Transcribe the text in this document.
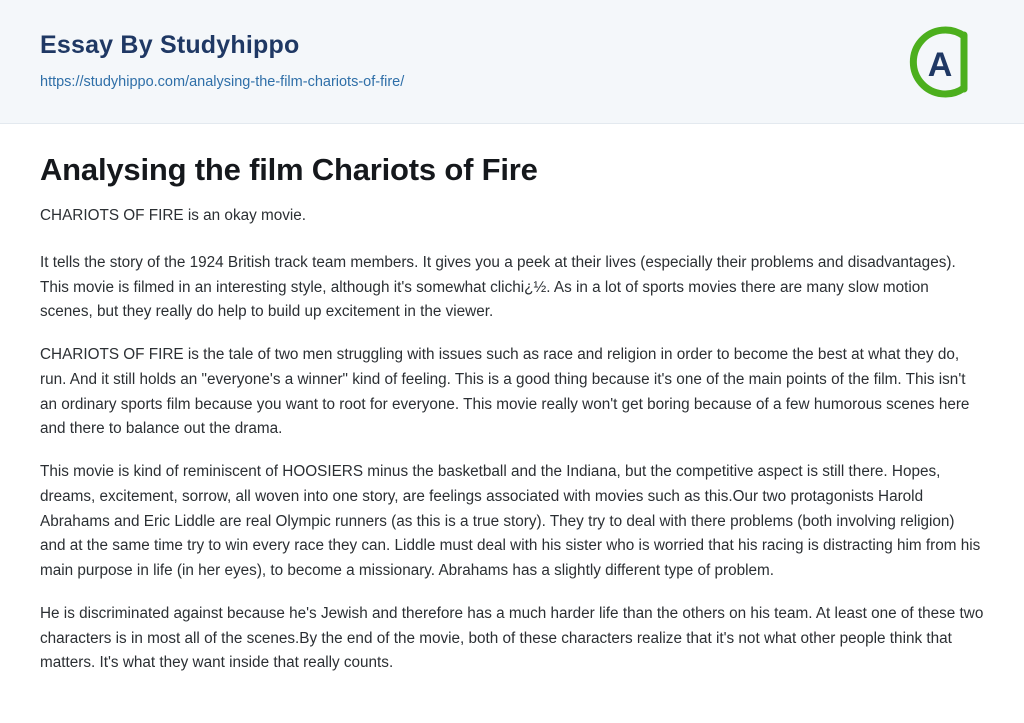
Essay By Studyhippo
https://studyhippo.com/analysing-the-film-chariots-of-fire/	A
Analysing the film Chariots of Fire

CHARIOTS OF FIRE is an okay movie.

It tells the story of the 1924 British track team members. It gives you a peek at their lives (especially their problems and disadvantages). This movie is filmed in an interesting style, although it's somewhat clichi¿½. As in a lot of sports movies there are many slow motion scenes, but they really do help to build up excitement in the viewer.

CHARIOTS OF FIRE is the tale of two men struggling with issues such as race and religion in order to become the best at what they do, run. And it still holds an "everyone's a winner" kind of feeling. This is a good thing because it's one of the main points of the film. This isn't an ordinary sports film because you want to root for everyone. This movie really won't get boring because of a few humorous scenes here and there to balance out the drama.

This movie is kind of reminiscent of HOOSIERS minus the basketball and the Indiana, but the competitive aspect is still there. Hopes, dreams, excitement, sorrow, all woven into one story, are feelings associated with movies such as this.Our two protagonists Harold Abrahams and Eric Liddle are real Olympic runners (as this is a true story). They try to deal with there problems (both involving religion) and at the same time try to win every race they can. Liddle must deal with his sister who is worried that his racing is distracting him from his main purpose in life (in her eyes), to become a missionary. Abrahams has a slightly different type of problem.

He is discriminated against because he's Jewish and therefore has a much harder life than the others on his team. At least one of these two characters is in most all of the scenes.By the end of the movie, both of these characters realize that it's not what other people think that matters. It's what they want inside that really counts.
